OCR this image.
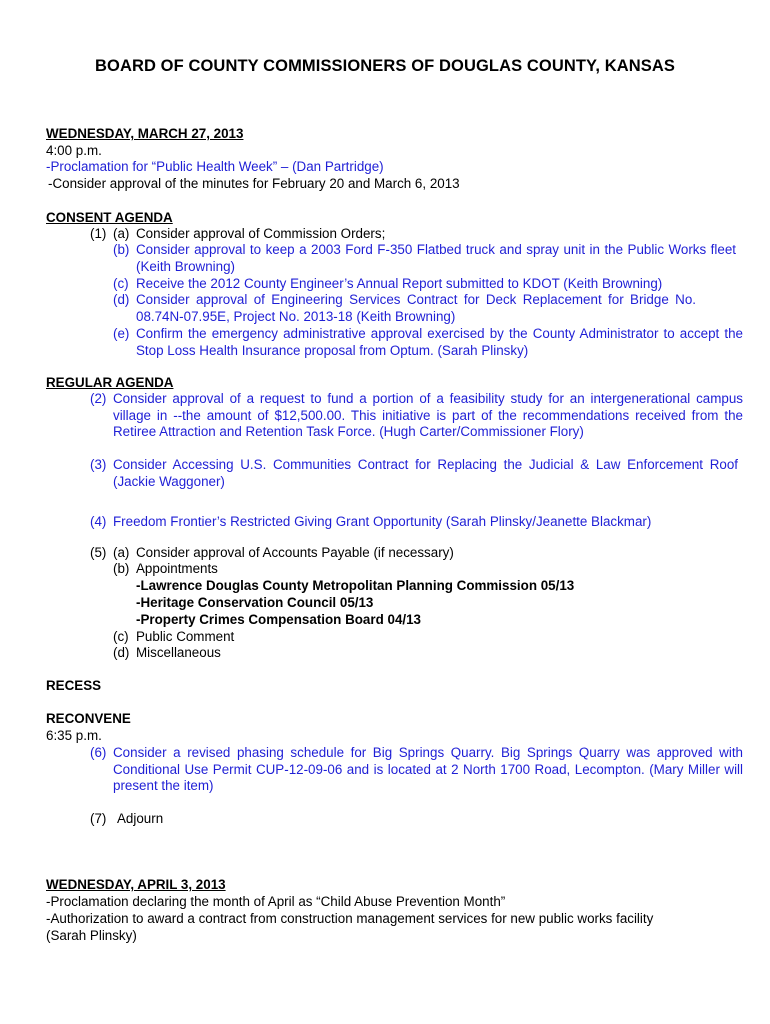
BOARD OF COUNTY COMMISSIONERS OF DOUGLAS COUNTY, KANSAS
WEDNESDAY, MARCH 27, 2013
4:00 p.m.
-Proclamation for “Public Health Week” – (Dan Partridge)
-Consider approval of the minutes for February 20 and March 6, 2013
CONSENT AGENDA
(1) (a) Consider approval of Commission Orders;
(b) Consider approval to keep a 2003 Ford F-350 Flatbed truck and spray unit in the Public Works fleet (Keith Browning)
(c) Receive the 2012 County Engineer’s Annual Report submitted to KDOT (Keith Browning)
(d) Consider approval of Engineering Services Contract for Deck Replacement for Bridge No. 08.74N-07.95E, Project No. 2013-18 (Keith Browning)
(e) Confirm the emergency administrative approval exercised by the County Administrator to accept the Stop Loss Health Insurance proposal from Optum. (Sarah Plinsky)
REGULAR AGENDA
(2) Consider approval of a request to fund a portion of a feasibility study for an intergenerational campus village in --the amount of $12,500.00. This initiative is part of the recommendations received from the Retiree Attraction and Retention Task Force. (Hugh Carter/Commissioner Flory)
(3) Consider Accessing U.S. Communities Contract for Replacing the Judicial & Law Enforcement Roof (Jackie Waggoner)
(4) Freedom Frontier’s Restricted Giving Grant Opportunity (Sarah Plinsky/Jeanette Blackmar)
(5) (a) Consider approval of Accounts Payable (if necessary)
(b) Appointments
-Lawrence Douglas County Metropolitan Planning Commission 05/13
-Heritage Conservation Council 05/13
-Property Crimes Compensation Board 04/13
(c) Public Comment
(d) Miscellaneous
RECESS
RECONVENE
6:35 p.m.
(6) Consider a revised phasing schedule for Big Springs Quarry. Big Springs Quarry was approved with Conditional Use Permit CUP-12-09-06 and is located at 2 North 1700 Road, Lecompton. (Mary Miller will present the item)
(7) Adjourn
WEDNESDAY, APRIL 3, 2013
-Proclamation declaring the month of April as “Child Abuse Prevention Month”
-Authorization to award a contract from construction management services for new public works facility (Sarah Plinsky)
